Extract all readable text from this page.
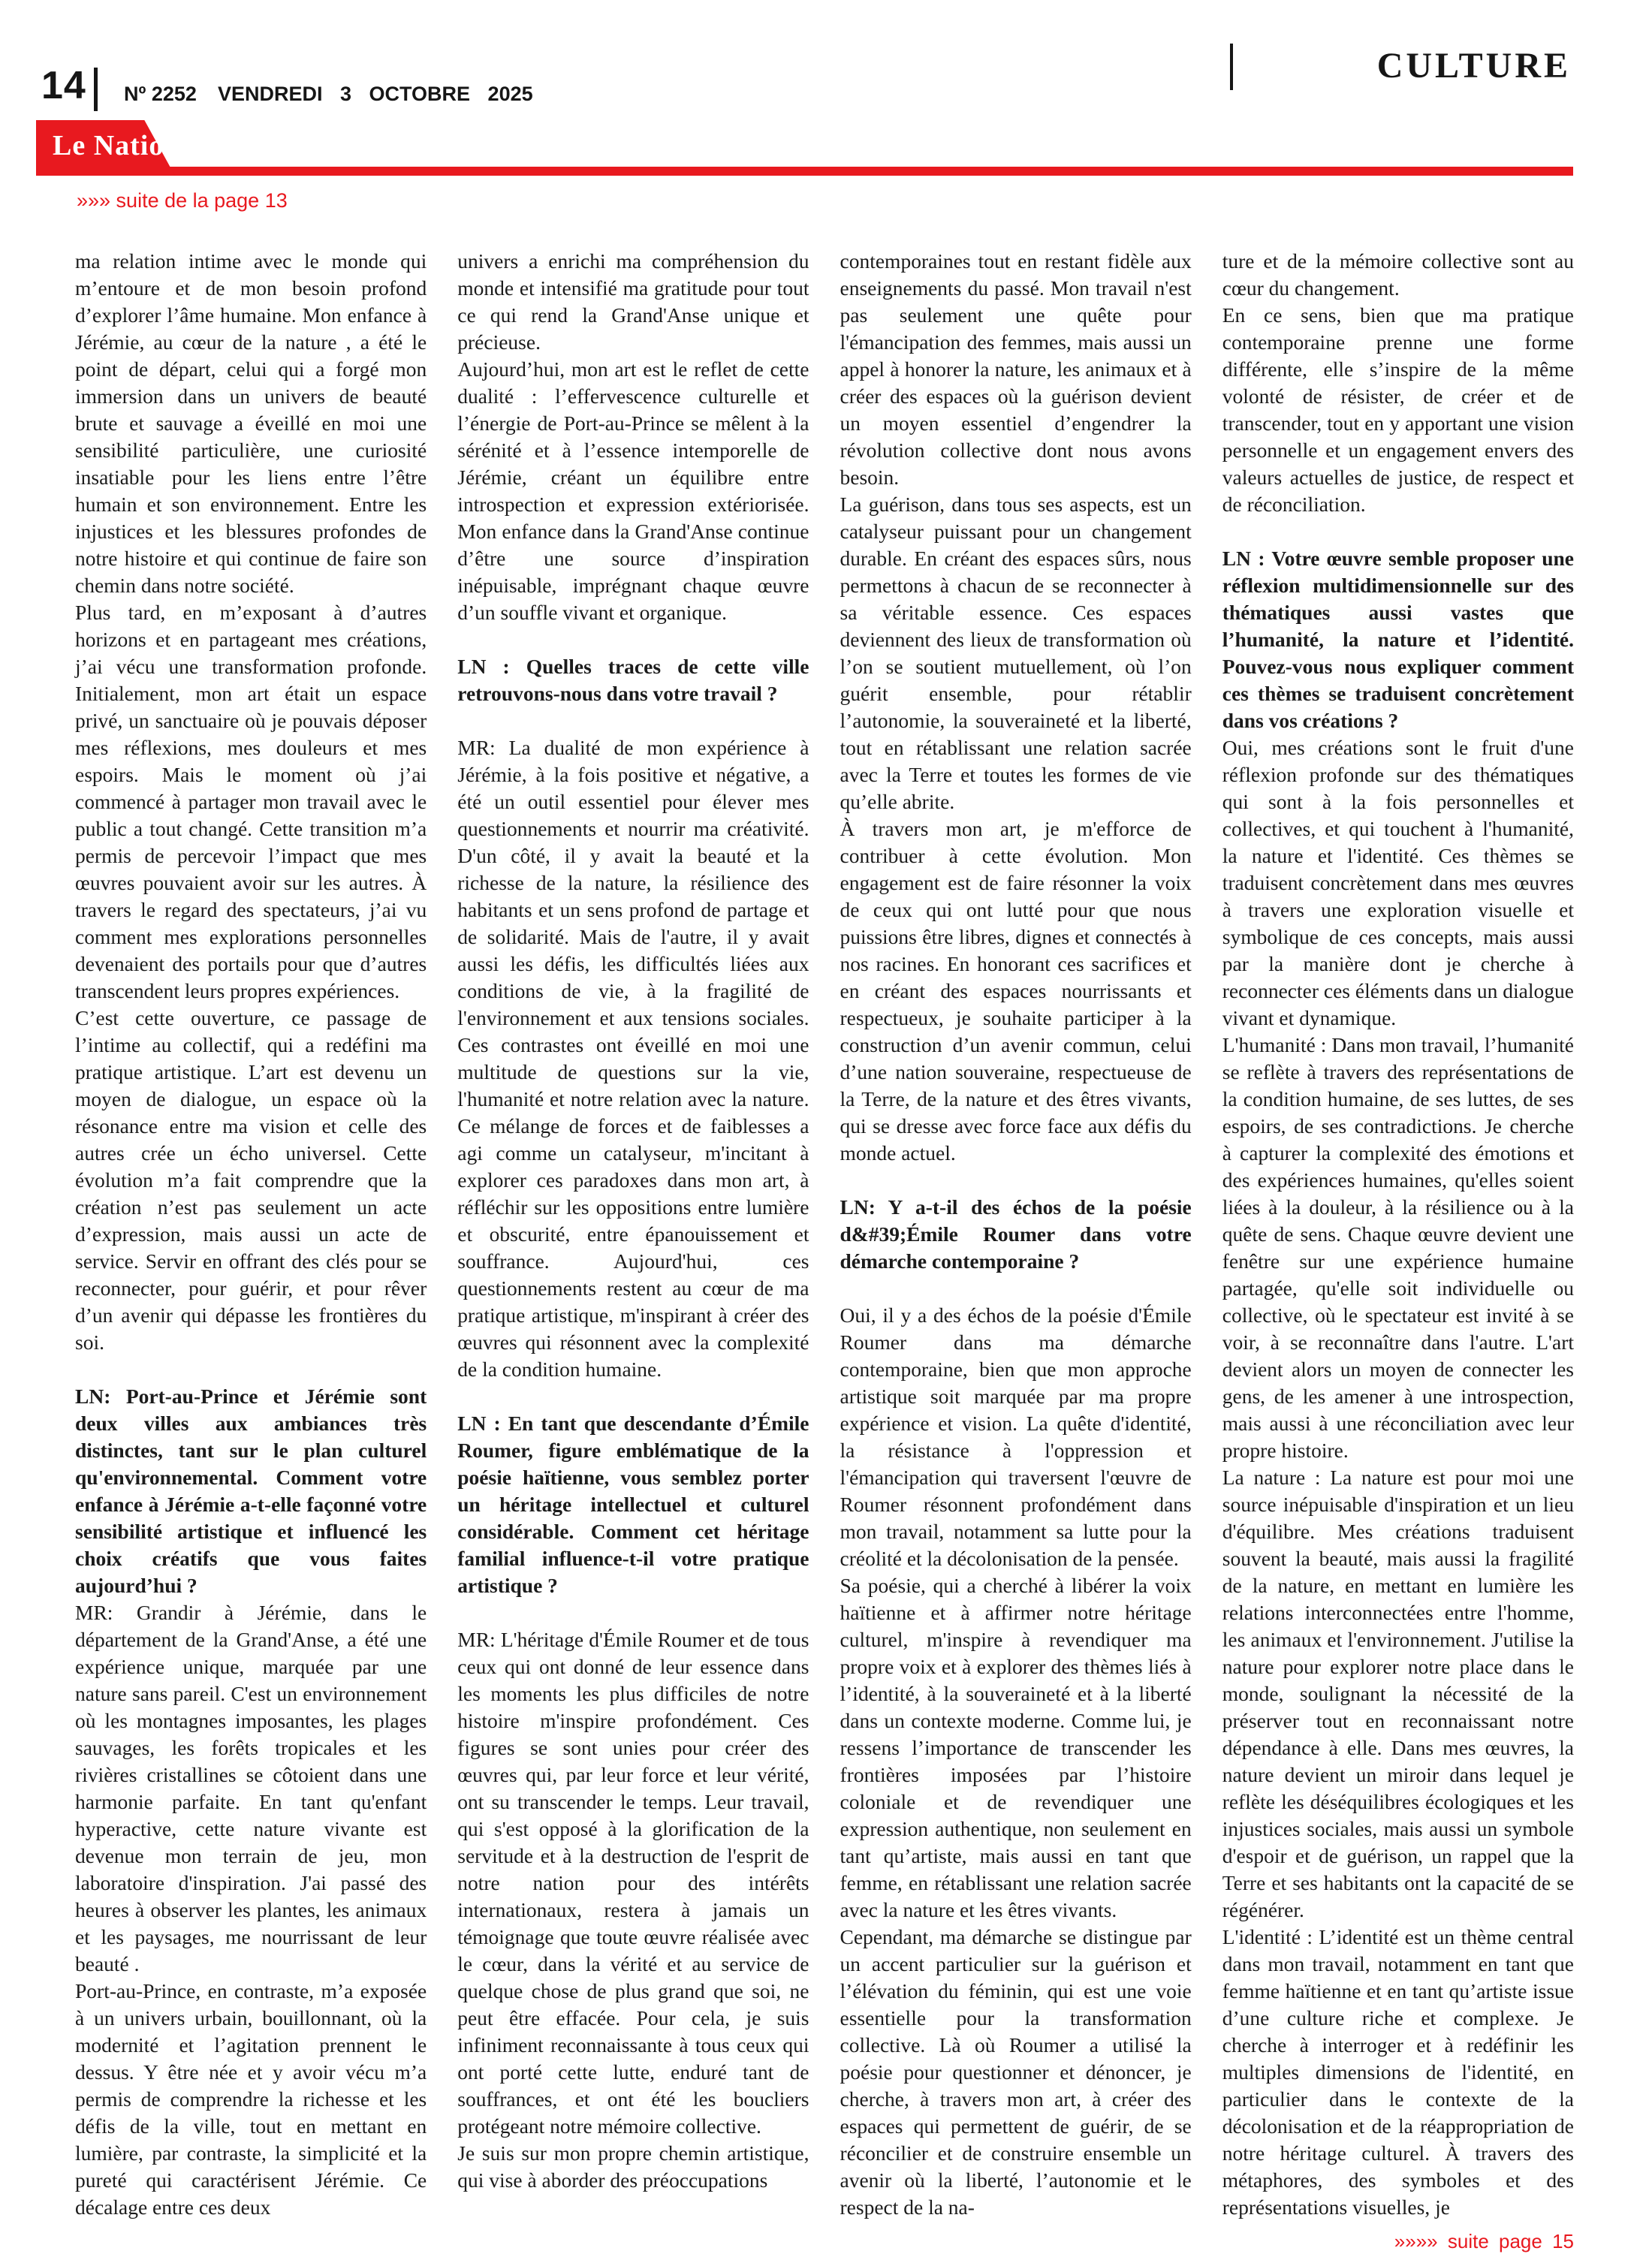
14 Nº 2252 VENDREDI 3 OCTOBRE 2025
CULTURE
Le National
»»» suite de la page 13

ma relation intime avec le monde qui m’entoure et de mon besoin profond d’explorer l’âme humaine. Mon enfance à Jérémie, au cœur de la nature , a été le point de départ, celui qui a forgé mon immersion dans un univers de beauté brute et sauvage a éveillé en moi une sensibilité particulière, une curiosité insatiable pour les liens entre l’être humain et son environnement. Entre les injustices et les blessures profondes de notre histoire et qui continue de faire son chemin dans notre société.

Plus tard, en m’exposant à d’autres horizons et en partageant mes créations, j’ai vécu une transformation profonde. Initialement, mon art était un espace privé, un sanctuaire où je pouvais déposer mes réflexions, mes douleurs et mes espoirs. Mais le moment où j’ai commencé à partager mon travail avec le public a tout changé. Cette transition m’a permis de percevoir l’impact que mes œuvres pouvaient avoir sur les autres. À travers le regard des spectateurs, j’ai vu comment mes explorations personnelles devenaient des portails pour que d’autres transcendent leurs propres expériences.

C’est cette ouverture, ce passage de l’intime au collectif, qui a redéfini ma pratique artistique. L’art est devenu un moyen de dialogue, un espace où la résonance entre ma vision et celle des autres crée un écho universel. Cette évolution m’a fait comprendre que la création n’est pas seulement un acte d’expression, mais aussi un acte de service. Servir en offrant des clés pour se reconnecter, pour guérir, et pour rêver d’un avenir qui dépasse les frontières du soi.

LN: Port-au-Prince et Jérémie sont deux villes aux ambiances très distinctes, tant sur le plan culturel qu'environnemental. Comment votre enfance à Jérémie a-t-elle façonné votre sensibilité artistique et influencé les choix créatifs que vous faites aujourd’hui ?

MR: Grandir à Jérémie, dans le département de la Grand'Anse, a été une expérience unique, marquée par une nature sans pareil. C'est un environnement où les montagnes imposantes, les plages sauvages, les forêts tropicales et les rivières cristallines se côtoient dans une harmonie parfaite. En tant qu'enfant hyperactive, cette nature vivante est devenue mon terrain de jeu, mon laboratoire d'inspiration. J'ai passé des heures à observer les plantes, les animaux et les paysages, me nourrissant de leur beauté .

Port-au-Prince, en contraste, m’a exposée à un univers urbain, bouillonnant, où la modernité et l’agitation prennent le dessus. Y être née et y avoir vécu m’a permis de comprendre la richesse et les défis de la ville, tout en mettant en lumière, par contraste, la simplicité et la pureté qui caractérisent Jérémie. Ce décalage entre ces deux

univers a enrichi ma compréhension du monde et intensifié ma gratitude pour tout ce qui rend la Grand'Anse unique et précieuse.

Aujourd’hui, mon art est le reflet de cette dualité : l’effervescence culturelle et l’énergie de Port-au-Prince se mêlent à la sérénité et à l’essence intemporelle de Jérémie, créant un équilibre entre introspection et expression extériorisée. Mon enfance dans la Grand'Anse continue d’être une source d’inspiration inépuisable, imprégnant chaque œuvre d’un souffle vivant et organique.

LN : Quelles traces de cette ville retrouvons-nous dans votre travail ?

MR: La dualité de mon expérience à Jérémie, à la fois positive et négative, a été un outil essentiel pour élever mes questionnements et nourrir ma créativité. D'un côté, il y avait la beauté et la richesse de la nature, la résilience des habitants et un sens profond de partage et de solidarité. Mais de l'autre, il y avait aussi les défis, les difficultés liées aux conditions de vie, à la fragilité de l'environnement et aux tensions sociales. Ces contrastes ont éveillé en moi une multitude de questions sur la vie, l'humanité et notre relation avec la nature. Ce mélange de forces et de faiblesses a agi comme un catalyseur, m'incitant à explorer ces paradoxes dans mon art, à réfléchir sur les oppositions entre lumière et obscurité, entre épanouissement et souffrance. Aujourd'hui, ces questionnements restent au cœur de ma pratique artistique, m'inspirant à créer des œuvres qui résonnent avec la complexité de la condition humaine.

LN : En tant que descendante d’Émile Roumer, figure emblématique de la poésie haïtienne, vous semblez porter un héritage intellectuel et culturel considérable. Comment cet héritage familial influence-t-il votre pratique artistique ?

MR: L'héritage d'Émile Roumer et de tous ceux qui ont donné de leur essence dans les moments les plus difficiles de notre histoire m'inspire profondément. Ces figures se sont unies pour créer des œuvres qui, par leur force et leur vérité, ont su transcender le temps. Leur travail, qui s'est opposé à la glorification de la servitude et à la destruction de l'esprit de notre nation pour des intérêts internationaux, restera à jamais un témoignage que toute œuvre réalisée avec le cœur, dans la vérité et au service de quelque chose de plus grand que soi, ne peut être effacée. Pour cela, je suis infiniment reconnaissante à tous ceux qui ont porté cette lutte, enduré tant de souffrances, et ont été les boucliers protégeant notre mémoire collective.

Je suis sur mon propre chemin artistique, qui vise à aborder des préoccupations

contemporaines tout en restant fidèle aux enseignements du passé. Mon travail n'est pas seulement une quête pour l'émancipation des femmes, mais aussi un appel à honorer la nature, les animaux et à créer des espaces où la guérison devient un moyen essentiel d’engendrer la révolution collective dont nous avons besoin.

La guérison, dans tous ses aspects, est un catalyseur puissant pour un changement durable. En créant des espaces sûrs, nous permettons à chacun de se reconnecter à sa véritable essence. Ces espaces deviennent des lieux de transformation où l’on se soutient mutuellement, où l’on guérit ensemble, pour rétablir l’autonomie, la souveraineté et la liberté, tout en rétablissant une relation sacrée avec la Terre et toutes les formes de vie qu’elle abrite.

À travers mon art, je m'efforce de contribuer à cette évolution. Mon engagement est de faire résonner la voix de ceux qui ont lutté pour que nous puissions être libres, dignes et connectés à nos racines. En honorant ces sacrifices et en créant des espaces nourrissants et respectueux, je souhaite participer à la construction d’un avenir commun, celui d’une nation souveraine, respectueuse de la Terre, de la nature et des êtres vivants, qui se dresse avec force face aux défis du monde actuel.

LN: Y a-t-il des échos de la poésie d&#39;Émile Roumer dans votre démarche contemporaine ?

Oui, il y a des échos de la poésie d'Émile Roumer dans ma démarche contemporaine, bien que mon approche artistique soit marquée par ma propre expérience et vision. La quête d'identité, la résistance à l'oppression et l'émancipation qui traversent l'œuvre de Roumer résonnent profondément dans mon travail, notamment sa lutte pour la créolité et la décolonisation de la pensée.

Sa poésie, qui a cherché à libérer la voix haïtienne et à affirmer notre héritage culturel, m'inspire à revendiquer ma propre voix et à explorer des thèmes liés à l’identité, à la souveraineté et à la liberté dans un contexte moderne. Comme lui, je ressens l’importance de transcender les frontières imposées par l’histoire coloniale et de revendiquer une expression authentique, non seulement en tant qu’artiste, mais aussi en tant que femme, en rétablissant une relation sacrée avec la nature et les êtres vivants.

Cependant, ma démarche se distingue par un accent particulier sur la guérison et l’élévation du féminin, qui est une voie essentielle pour la transformation collective. Là où Roumer a utilisé la poésie pour questionner et dénoncer, je cherche, à travers mon art, à créer des espaces qui permettent de guérir, de se réconcilier et de construire ensemble un avenir où la liberté, l’autonomie et le respect de la na-

ture et de la mémoire collective sont au cœur du changement.

En ce sens, bien que ma pratique contemporaine prenne une forme différente, elle s’inspire de la même volonté de résister, de créer et de transcender, tout en y apportant une vision personnelle et un engagement envers des valeurs actuelles de justice, de respect et de réconciliation.

LN : Votre œuvre semble proposer une réflexion multidimensionnelle sur des thématiques aussi vastes que l’humanité, la nature et l’identité. Pouvez-vous nous expliquer comment ces thèmes se traduisent concrètement dans vos créations ?

Oui, mes créations sont le fruit d'une réflexion profonde sur des thématiques qui sont à la fois personnelles et collectives, et qui touchent à l'humanité, la nature et l'identité. Ces thèmes se traduisent concrètement dans mes œuvres à travers une exploration visuelle et symbolique de ces concepts, mais aussi par la manière dont je cherche à reconnecter ces éléments dans un dialogue vivant et dynamique.

L'humanité : Dans mon travail, l’humanité se reflète à travers des représentations de la condition humaine, de ses luttes, de ses espoirs, de ses contradictions. Je cherche à capturer la complexité des émotions et des expériences humaines, qu'elles soient liées à la douleur, à la résilience ou à la quête de sens. Chaque œuvre devient une fenêtre sur une expérience humaine partagée, qu'elle soit individuelle ou collective, où le spectateur est invité à se voir, à se reconnaître dans l'autre. L'art devient alors un moyen de connecter les gens, de les amener à une introspection, mais aussi à une réconciliation avec leur propre histoire.

La nature : La nature est pour moi une source inépuisable d'inspiration et un lieu d'équilibre. Mes créations traduisent souvent la beauté, mais aussi la fragilité de la nature, en mettant en lumière les relations interconnectées entre l'homme, les animaux et l'environnement. J'utilise la nature pour explorer notre place dans le monde, soulignant la nécessité de la préserver tout en reconnaissant notre dépendance à elle. Dans mes œuvres, la nature devient un miroir dans lequel je reflète les déséquilibres écologiques et les injustices sociales, mais aussi un symbole d'espoir et de guérison, un rappel que la Terre et ses habitants ont la capacité de se régénérer.

L'identité : L’identité est un thème central dans mon travail, notamment en tant que femme haïtienne et en tant qu’artiste issue d’une culture riche et complexe. Je cherche à interroger et à redéfinir les multiples dimensions de l'identité, en particulier dans le contexte de la décolonisation et de la réappropriation de notre héritage culturel. À travers des métaphores, des symboles et des représentations visuelles, je

»»»» suite page 15
